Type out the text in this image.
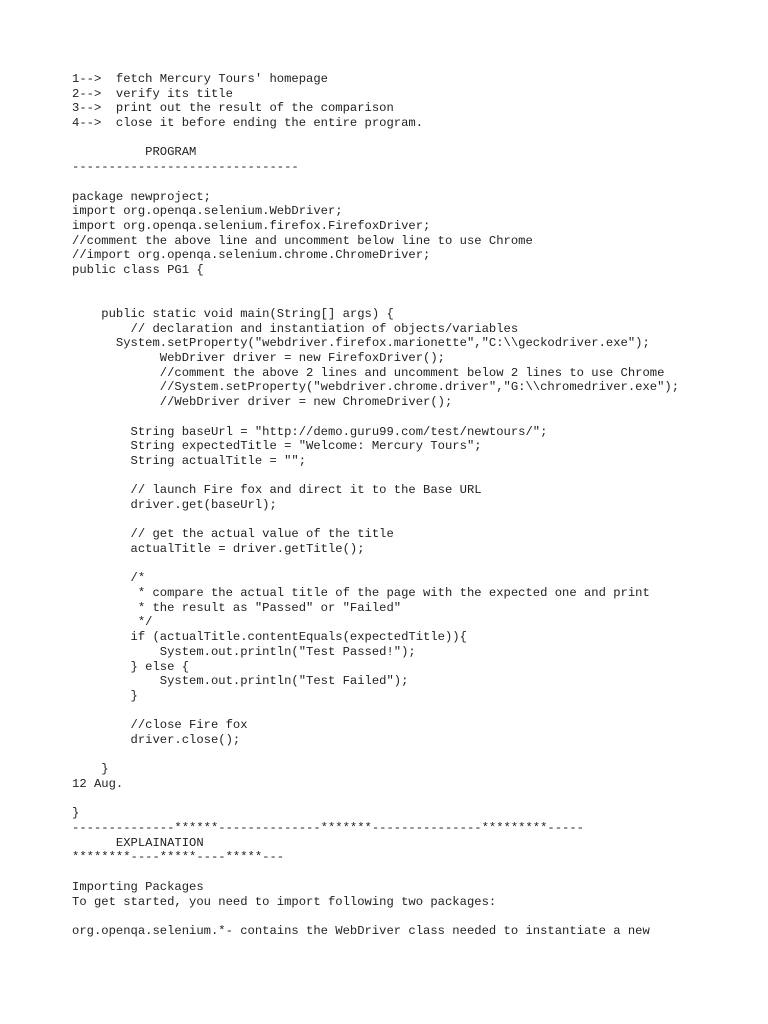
1-->  fetch Mercury Tours' homepage
2-->  verify its title
3-->  print out the result of the comparison
4-->  close it before ending the entire program.
PROGRAM
-------------------------------
package newproject;
import org.openqa.selenium.WebDriver;
import org.openqa.selenium.firefox.FirefoxDriver;
//comment the above line and uncomment below line to use Chrome
//import org.openqa.selenium.chrome.ChromeDriver;
public class PG1 {
public static void main(String[] args) {
// declaration and instantiation of objects/variables
System.setProperty("webdriver.firefox.marionette","C:\\geckodriver.exe");
WebDriver driver = new FirefoxDriver();
//comment the above 2 lines and uncomment below 2 lines to use Chrome
//System.setProperty("webdriver.chrome.driver","G:\\chromedriver.exe");
//WebDriver driver = new ChromeDriver();
String baseUrl = "http://demo.guru99.com/test/newtours/";
String expectedTitle = "Welcome: Mercury Tours";
String actualTitle = "";
// launch Fire fox and direct it to the Base URL
driver.get(baseUrl);
// get the actual value of the title
actualTitle = driver.getTitle();
/*
* compare the actual title of the page with the expected one and print
* the result as "Passed" or "Failed"
*/
if (actualTitle.contentEquals(expectedTitle)){
System.out.println("Test Passed!");
} else {
System.out.println("Test Failed");
}
//close Fire fox
driver.close();
}
12 Aug.
}
--------------******--------------*******---------------*********-----
EXPLAINATION
********----*****----*****---
Importing Packages
To get started, you need to import following two packages:
org.openqa.selenium.*- contains the WebDriver class needed to instantiate a new
